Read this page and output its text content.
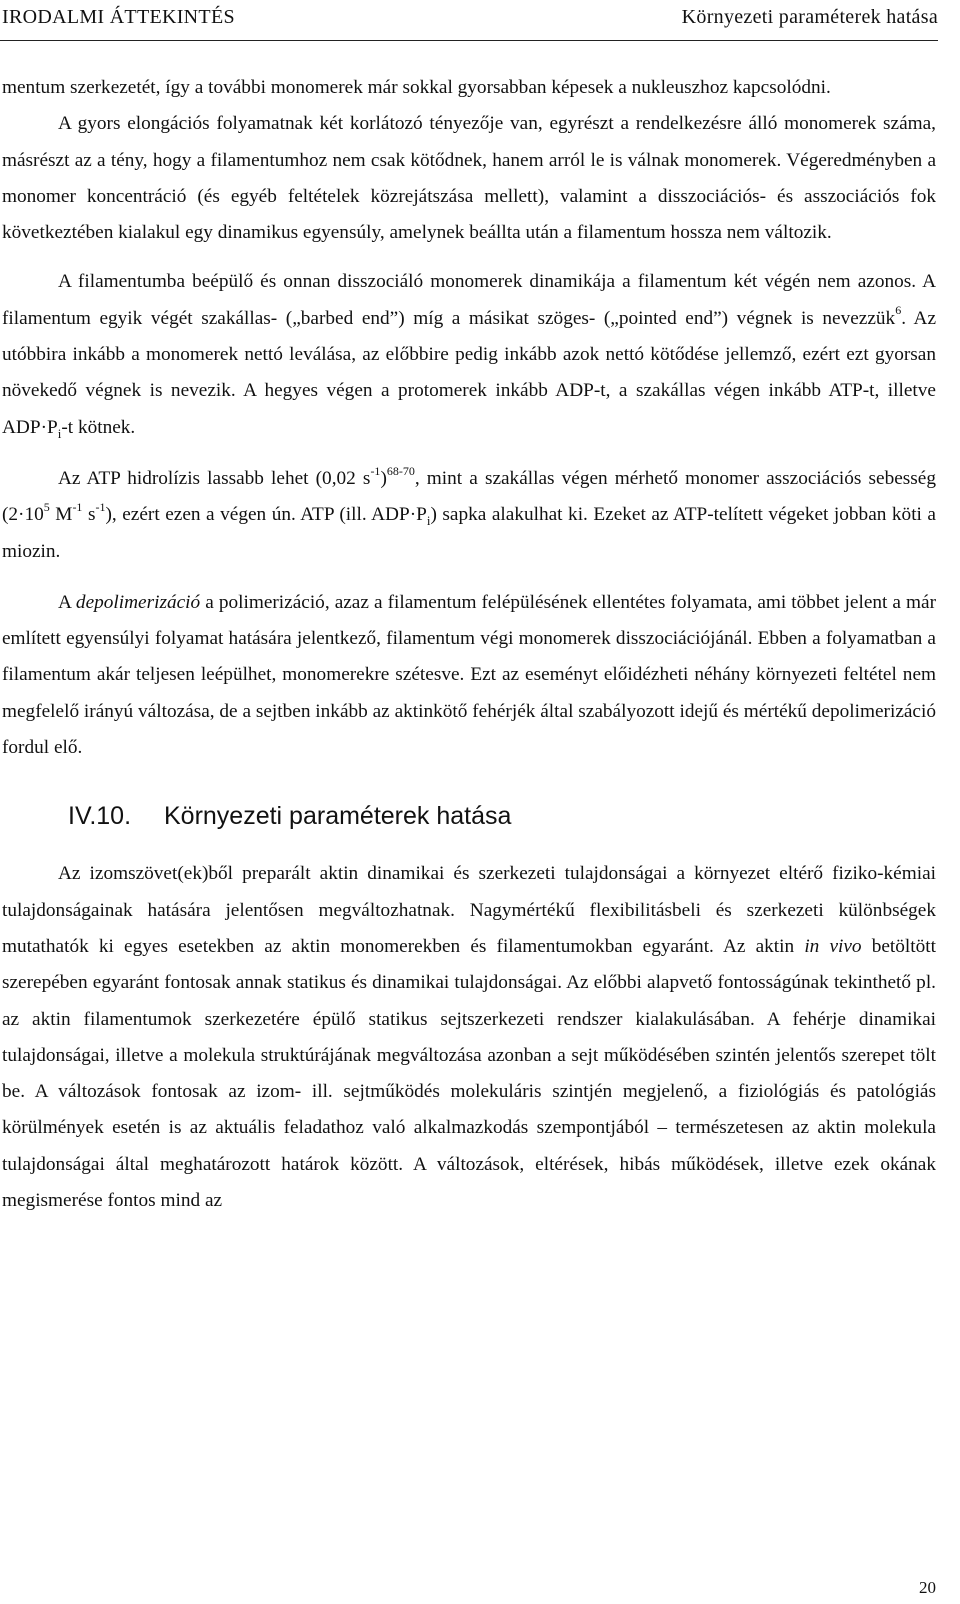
IRODALMI ÁTTEKINTÉS	Környezeti paraméterek hatása

mentum szerkezetét, így a további monomerek már sokkal gyorsabban képesek a nukleuszhoz kapcsolódni.

A gyors elongációs folyamatnak két korlátozó tényezője van, egyrészt a rendelkezésre álló monomerek száma, másrészt az a tény, hogy a filamentumhoz nem csak kötődnek, hanem arról le is válnak monomerek. Végeredményben a monomer koncentráció (és egyéb feltételek közrejátszása mellett), valamint a disszociációs- és asszociációs fok következtében kialakul egy dinamikus egyensúly, amelynek beállta után a filamentum hossza nem változik.

A filamentumba beépülő és onnan disszociáló monomerek dinamikája a filamentum két végén nem azonos. A filamentum egyik végét szakállas- („barbed end”) míg a másikat szöges- („pointed end”) végnek is nevezzük$^6$. Az utóbbira inkább a monomerek nettó leválása, az előbbire pedig inkább azok nettó kötődése jellemző, ezért ezt gyorsan növekedő végnek is nevezik. A hegyes végen a protomerek inkább ADP-t, a szakállas végen inkább ATP-t, illetve $ADP\cdot P_i-t$ kötnek.

Az ATP hidrolízis lassabb lehet (0,02 $s^{-1})^{68-70}$, mint a szakállas végen mérhető monomer asszociációs sebesség ($2\cdot 10^5$ $M^{-1}$ $s^{-1}$), ezért ezen a végen ún. ATP (ill. $ADP\cdot P_i$) sapka alakulhat ki. Ezeket az ATP-telített végeket jobban köti a miozin.

A depolimerizáció a polimerizáció, azaz a filamentum felépülésének ellentétes folyamata, ami többet jelent a már említett egyensúlyi folyamat hatására jelentkező, filamentum végi monomerek disszociációjánál. Ebben a folyamatban a filamentum akár teljesen leépülhet, monomerekre szétesve. Ezt az eseményt előidézheti néhány környezeti feltétel nem megfelelő irányú változása, de a sejtben inkább az aktinkötő fehérjék által szabályozott idejű és mértékű depolimerizáció fordul elő.

IV.10. Környezeti paraméterek hatása

Az izomszövet(ek)ből preparált aktin dinamikai és szerkezeti tulajdonságai a környezet eltérő fiziko-kémiai tulajdonságainak hatására jelentősen megváltozhatnak. Nagymértékű flexibilitásbeli és szerkezeti különbségek mutathatók ki egyes esetekben az aktin monomerekben és filamentumokban egyaránt. Az aktin in vivo betöltött szerepében egyaránt fontosak annak statikus és dinamikai tulajdonságai. Az előbbi alapvető fontosságúnak tekinthető pl. az aktin filamentumok szerkezetére épülő statikus sejtszerkezeti rendszer kialakulásában. A fehérje dinamikai tulajdonságai, illetve a molekula struktúrájának megváltozása azonban a sejt működésében szintén jelentős szerepet tölt be. A változások fontosak az izom- ill. sejtműködés molekuláris szintjén megjelenő, a fiziológiás és patológiás körülmények esetén is az aktuális feladathoz való alkalmazkodás szempontjából – természetesen az aktin molekula tulajdonságai által meghatározott határok között. A változások, eltérések, hibás működések, illetve ezek okának megismerése fontos mind az

20
